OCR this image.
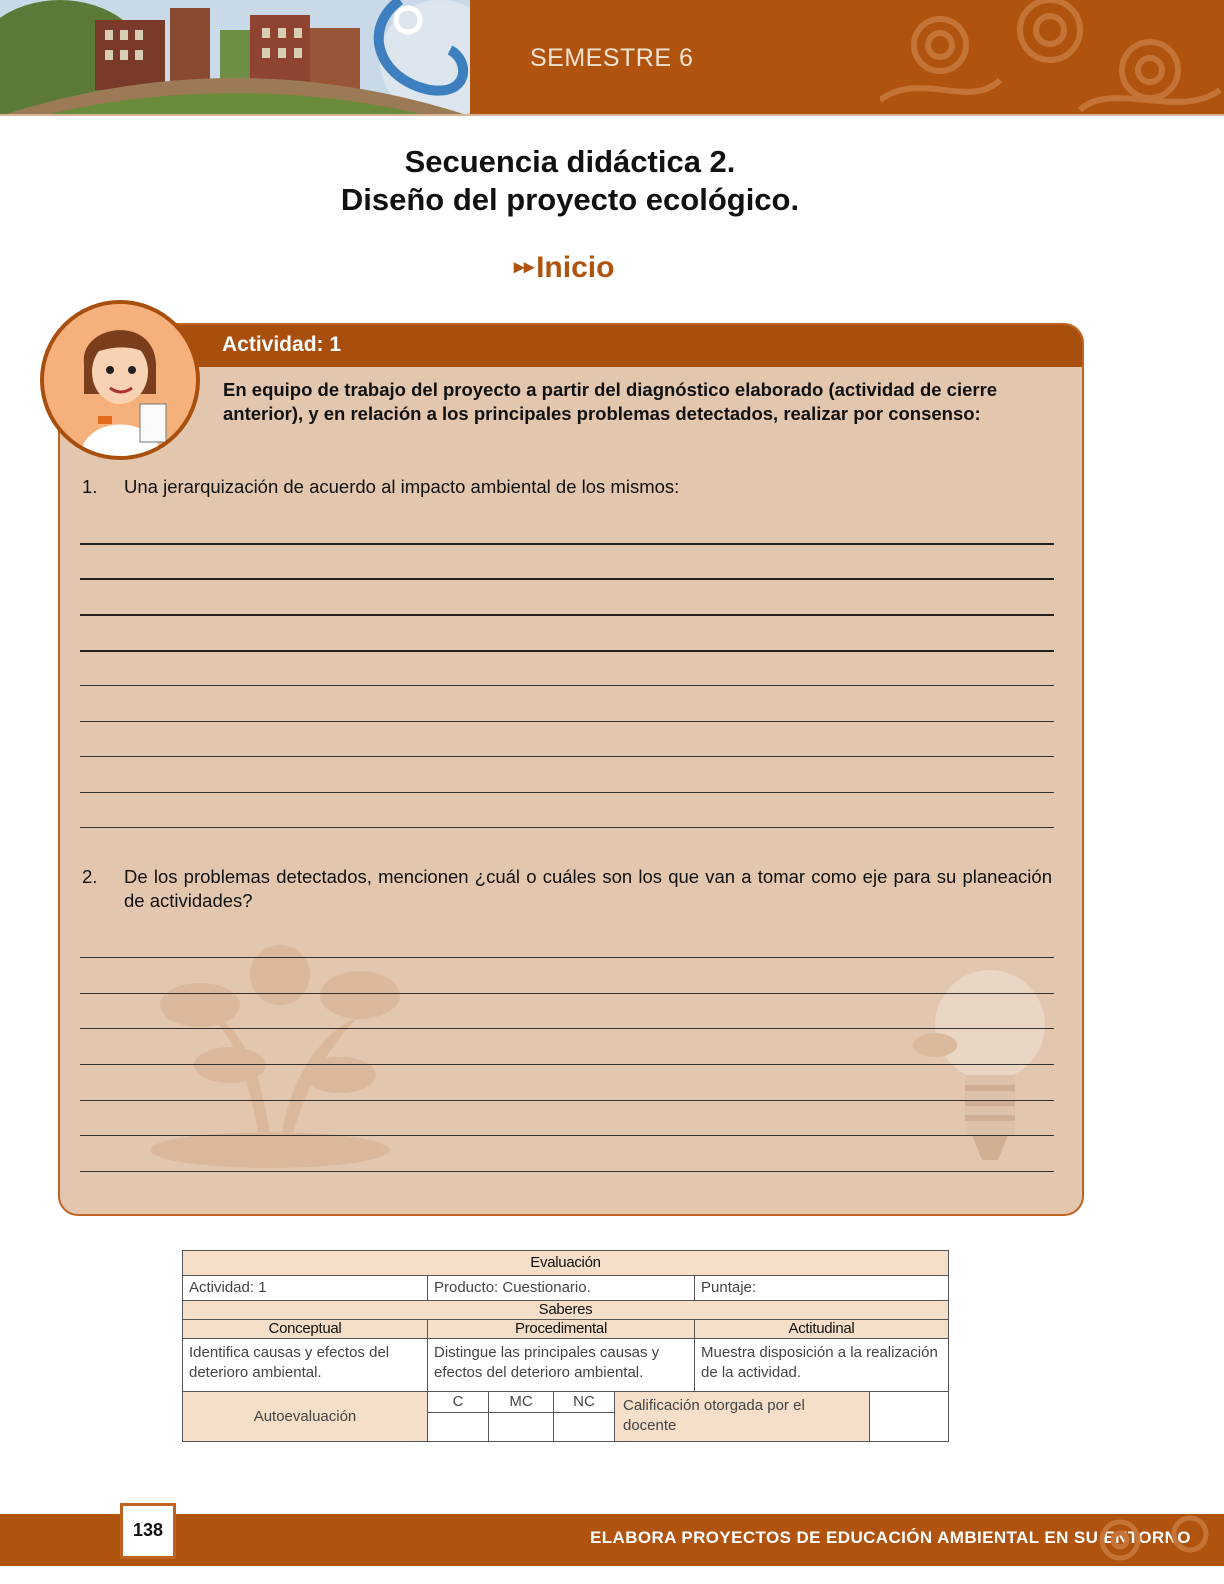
SEMESTRE 6
Secuencia didáctica 2.
Diseño del proyecto ecológico.
▸▸Inicio
Actividad: 1
En equipo de trabajo del proyecto a partir del diagnóstico elaborado (actividad de cierre anterior), y en relación a los principales problemas detectados, realizar por consenso:
1. Una jerarquización de acuerdo al impacto ambiental de los mismos:
2. De los problemas detectados, mencionen ¿cuál o cuáles son los que van a tomar como eje para su planeación de actividades?
Evaluación						
Actividad: 1	Producto: Cuestionario.				Puntaje:	
Saberes						
Conceptual	Procedimental				Actitudinal	
Identifica causas y efectos del deterioro ambiental.	Distingue las principales causas y efectos del deterioro ambiental.				Muestra disposición a la realización de la actividad.	
Autoevaluación	C	MC	NC	Calificación otorgada por el docente		

ELABORA PROYECTOS DE EDUCACIÓN AMBIENTAL EN SU ENTORNO
138
